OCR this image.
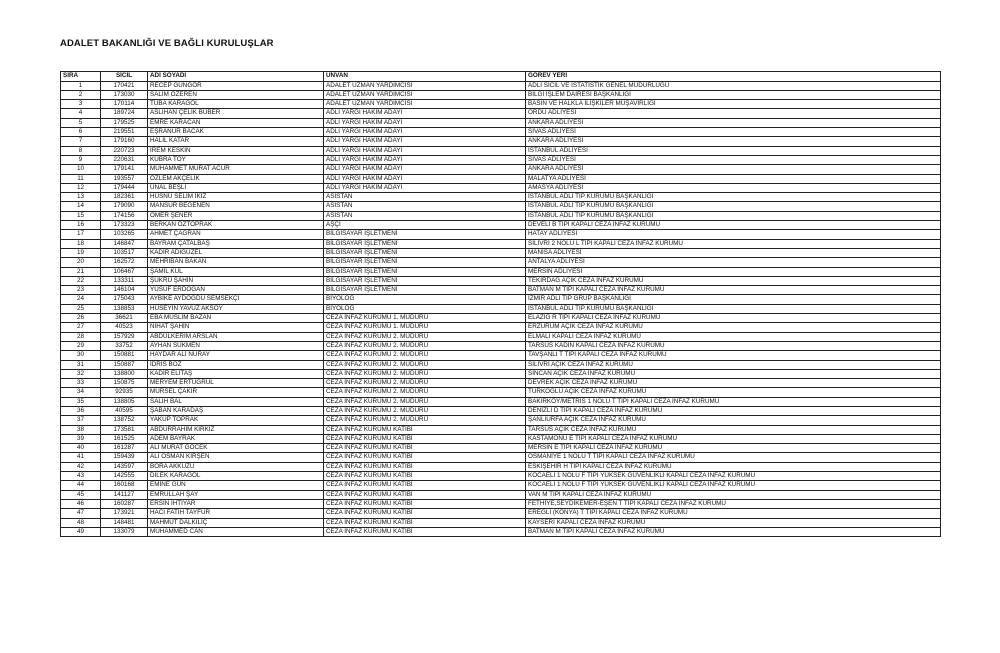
ADALET BAKANLIĞI VE BAĞLI KURULUŞLAR
SIRA	SİCİL	ADI SOYADI	UNVAN	GÖREV YERİ
1	170421	RECEP GÜNGÖR	ADALET UZMAN YARDIMCISI	ADLİ SİCİL VE İSTATİSTİK GENEL MÜDÜRLÜĞÜ
2	173030	SALİM ÖZEREN	ADALET UZMAN YARDIMCISI	BİLGİ İŞLEM DAİRESİ BAŞKANLIĞI
3	170114	TUBA KARAGÖL	ADALET UZMAN YARDIMCISI	BASIN VE HALKLA İLİŞKİLER MÜŞAVİRLİĞİ
4	189724	ASLIHAN ÇELİK BÜBER	ADLİ YARGI HAKİM ADAYI	ORDU ADLİYESİ
5	179525	EMRE KARACAN	ADLİ YARGI HAKİM ADAYI	ANKARA ADLİYESİ
6	219551	EŞRANUR BACAK	ADLİ YARGI HAKİM ADAYI	SİVAS ADLİYESİ
7	179160	HALİL KATAR	ADLİ YARGI HAKİM ADAYI	ANKARA ADLİYESİ
8	220723	İREM KESKİN	ADLİ YARGI HAKİM ADAYI	İSTANBUL ADLİYESİ
9	220631	KÜBRA TOY	ADLİ YARGI HAKİM ADAYI	SİVAS ADLİYESİ
10	179141	MUHAMMET MURAT ACUR	ADLİ YARGI HAKİM ADAYI	ANKARA ADLİYESİ
11	193557	ÖZLEM AKÇELİK	ADLİ YARGI HAKİM ADAYI	MALATYA ADLİYESİ
12	179444	ÜNAL BEŞLİ	ADLİ YARGI HAKİM ADAYI	AMASYA ADLİYESİ
13	182361	HÜSNÜ SELİM İKİZ	ASİSTAN	İSTANBUL ADLİ TIP KURUMU BAŞKANLIĞI
14	179090	MANSUR BEĞENEN	ASİSTAN	İSTANBUL ADLİ TIP KURUMU BAŞKANLIĞI
15	174156	ÖMER ŞENER	ASİSTAN	İSTANBUL ADLİ TIP KURUMU BAŞKANLIĞI
16	173323	BERKAN ÖZTOPRAK	AŞÇI	DEVELİ B TİPİ KAPALI CEZA İNFAZ KURUMU
17	103265	AHMET ÇAĞRAN	BİLGİSAYAR İŞLETMENİ	HATAY ADLİYESİ
18	146847	BAYRAM ÇATALBAŞ	BİLGİSAYAR İŞLETMENİ	SİLİVRİ 2 NOLU L TİPİ KAPALI CEZA İNFAZ KURUMU
19	103517	KADİR ADIGÜZEL	BİLGİSAYAR İŞLETMENİ	MANİSA ADLİYESİ
20	162572	MEHRİBAN BAKAN	BİLGİSAYAR İŞLETMENİ	ANTALYA ADLİYESİ
21	106467	ŞAMİL KUL	BİLGİSAYAR İŞLETMENİ	MERSİN ADLİYESİ
22	133311	ŞÜKRÜ ŞAHİN	BİLGİSAYAR İŞLETMENİ	TEKİRDAĞ AÇIK CEZA İNFAZ KURUMU
23	146104	YUSUF ERDOĞAN	BİLGİSAYAR İŞLETMENİ	BATMAN M TİPİ KAPALI CEZA İNFAZ KURUMU
24	175043	AYBİKE AYDOĞDU SEMSEKÇİ	BİYOLOG	İZMİR ADLİ TIP GRUP BAŞKANLIĞI
25	138853	HÜSEYİN YAVUZ AKSOY	BİYOLOG	İSTANBUL ADLİ TIP KURUMU BAŞKANLIĞI
26	36621	EBA MÜSLİM BAZAN	CEZA İNFAZ KURUMU 1. MÜDÜRÜ	ELAZIĞ R TİPİ KAPALI CEZA İNFAZ KURUMU
27	40523	NİHAT ŞAHİN	CEZA İNFAZ KURUMU 1. MÜDÜRÜ	ERZURUM AÇIK CEZA İNFAZ KURUMU
28	157929	ABDÜLKERİM ARSLAN	CEZA İNFAZ KURUMU 2. MÜDÜRÜ	ELMALI KAPALI CEZA İNFAZ KURUMU
29	33752	AYHAN SÜKMEN	CEZA İNFAZ KURUMU 2. MÜDÜRÜ	TARSUS KADIN KAPALI CEZA İNFAZ KURUMU
30	150881	HAYDAR ALİ NURAY	CEZA İNFAZ KURUMU 2. MÜDÜRÜ	TAVŞANLI T TİPİ KAPALI CEZA İNFAZ KURUMU
31	150887	İDRİS BOZ	CEZA İNFAZ KURUMU 2. MÜDÜRÜ	SİLİVRİ AÇIK CEZA İNFAZ KURUMU
32	138800	KADİR ELİTAŞ	CEZA İNFAZ KURUMU 2. MÜDÜRÜ	SİNCAN AÇIK CEZA İNFAZ KURUMU
33	150875	MERYEM ERTUĞRUL	CEZA İNFAZ KURUMU 2. MÜDÜRÜ	DEVREK AÇIK CEZA İNFAZ KURUMU
34	92935	MÜRSEL ÇAKIR	CEZA İNFAZ KURUMU 2. MÜDÜRÜ	TÜRKOĞLU AÇIK CEZA İNFAZ KURUMU
35	138805	SALİH BAL	CEZA İNFAZ KURUMU 2. MÜDÜRÜ	BAKIRKÖY/METRİS 1 NOLU T TİPİ KAPALI CEZA İNFAZ KURUMU
36	40595	ŞABAN KARADAŞ	CEZA İNFAZ KURUMU 2. MÜDÜRÜ	DENİZLİ D TİPİ KAPALI CEZA İNFAZ KURUMU
37	138752	YAKUP TOPRAK	CEZA İNFAZ KURUMU 2. MÜDÜRÜ	ŞANLIURFA AÇIK CEZA İNFAZ KURUMU
38	173581	ABDURRAHİM KIRKIZ	CEZA İNFAZ KURUMU KATİBİ	TARSUS AÇIK CEZA İNFAZ KURUMU
39	161525	ADEM BAYRAK	CEZA İNFAZ KURUMU KATİBİ	KASTAMONU E TİPİ KAPALI CEZA İNFAZ KURUMU
40	161287	ALİ MURAT GÖCEK	CEZA İNFAZ KURUMU KATİBİ	MERSİN E TİPİ KAPALI CEZA İNFAZ KURUMU
41	159439	ALİ OSMAN KİRŞEN	CEZA İNFAZ KURUMU KATİBİ	OSMANİYE 1 NOLU T TİPİ KAPALI CEZA İNFAZ KURUMU
42	143597	BORA AKKUZU	CEZA İNFAZ KURUMU KATİBİ	ESKİŞEHİR H TİPİ KAPALI CEZA İNFAZ KURUMU
43	142555	DİLEK KARAGÖL	CEZA İNFAZ KURUMU KATİBİ	KOCAELİ 1 NOLU F TİPİ YÜKSEK GÜVENLİKLİ KAPALI CEZA İNFAZ KURUMU
44	160168	EMİNE GÜN	CEZA İNFAZ KURUMU KATİBİ	KOCAELİ 1 NOLU F TİPİ YÜKSEK GÜVENLİKLİ KAPALI CEZA İNFAZ KURUMU
45	141127	EMRULLAH ŞAY	CEZA İNFAZ KURUMU KATİBİ	VAN M TİPİ KAPALI CEZA İNFAZ KURUMU
46	160287	ERSİN İHTİYAR	CEZA İNFAZ KURUMU KATİBİ	FETHİYE,SEYDİKEMER-EŞEN T TİPİ KAPALI CEZA İNFAZ KURUMU
47	173921	HACI FATİH TAYFUR	CEZA İNFAZ KURUMU KATİBİ	EREĞLİ (KONYA) T TİPİ KAPALI CEZA İNFAZ KURUMU
48	148481	MAHMUT DALKILIÇ	CEZA İNFAZ KURUMU KATİBİ	KAYSERİ KAPALI CEZA İNFAZ KURUMU
49	133079	MUHAMMED CAN	CEZA İNFAZ KURUMU KATİBİ	BATMAN M TİPİ KAPALI CEZA İNFAZ KURUMU
